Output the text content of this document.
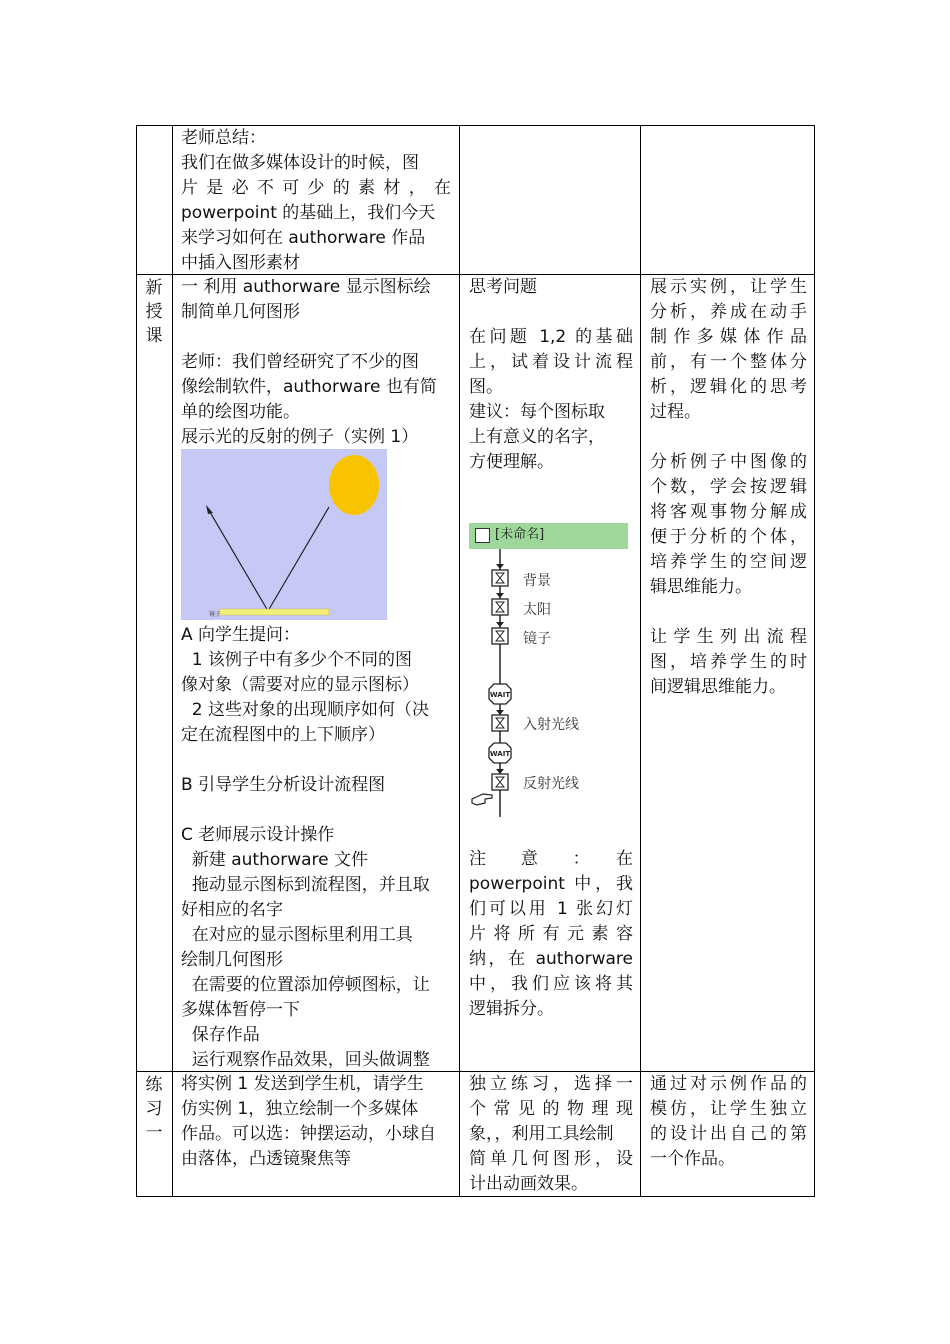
老师总结：

我们在做多媒体设计的时候，图

片是必不可少的素材，在

powerpoint 的基础上，我们今天

来学习如何在 authorware 作品

中插入图形素材

新
授
课

一 利用 authorware 显示图标绘

制简单几何图形

老师：我们曾经研究了不少的图

像绘制软件，authorware 也有简

单的绘图功能。

展示光的反射的例子（实例 1）

镜子

A 向学生提问：

1 该例子中有多少个不同的图

像对象（需要对应的显示图标）

2 这些对象的出现顺序如何（决

定在流程图中的上下顺序）

B 引导学生分析设计流程图

C 老师展示设计操作

新建 authorware 文件

拖动显示图标到流程图，并且取

好相应的名字

在对应的显示图标里利用工具

绘制几何图形

在需要的位置添加停顿图标，让

多媒体暂停一下

保存作品

运行观察作品效果，回头做调整

思考问题

在问题 1,2 的基础

上，试着设计流程

图。

建议：每个图标取

上有意义的名字，

方便理解。

[未命名]
背景
太阳
镜子
WAIT
入射光线
WAIT
反射光线

注　意　：　在

powerpoint 中，我

们可以用 1 张幻灯

片将所有元素容

纳，在 authorware

中，我们应该将其

逻辑拆分。

展示实例，让学生

分析，养成在动手

制作多媒体作品

前，有一个整体分

析，逻辑化的思考

过程。

分析例子中图像的

个数，学会按逻辑

将客观事物分解成

便于分析的个体，

培养学生的空间逻

辑思维能力。

让学生列出流程

图，培养学生的时

间逻辑思维能力。

练
习
一

将实例 1 发送到学生机，请学生

仿实例 1，独立绘制一个多媒体

作品。可以选：钟摆运动，小球自

由落体，凸透镜聚焦等

独立练习，选择一

个常见的物理现

象，，利用工具绘制

简单几何图形，设

计出动画效果。

通过对示例作品的

模仿，让学生独立

的设计出自己的第

一个作品。
